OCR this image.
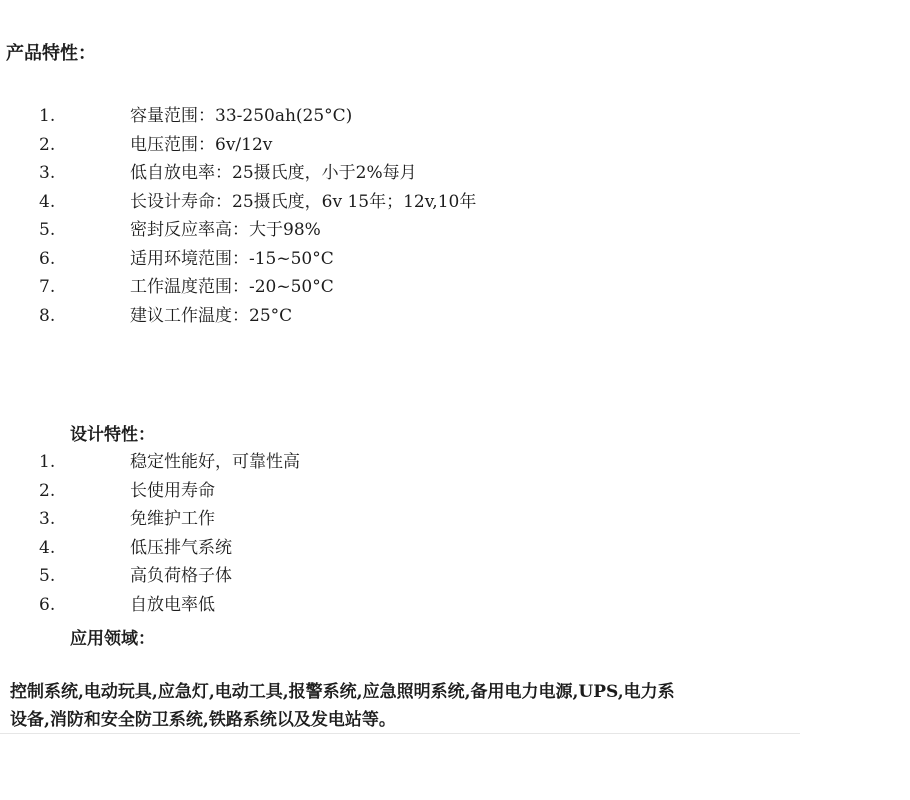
产品特性：
1.	容量范围：33-250ah(25°C)
2.	电压范围：6v/12v
3.	低自放电率：25摄氏度，小于2%每月
4.	长设计寿命：25摄氏度，6v 15年；12v,10年
5.	密封反应率高：大于98%
6.	适用环境范围：-15~50°C
7.	工作温度范围：-20~50°C
8.	建议工作温度：25°C
设计特性：
1.	稳定性能好，可靠性高
2.	长使用寿命
3.	免维护工作
4.	低压排气系统
5.	高负荷格子体
6.	自放电率低
应用领域：
控制系统,电动玩具,应急灯,电动工具,报警系统,应急照明系统,备用电力电源,UPS,电力系
设备,消防和安全防卫系统,铁路系统以及发电站等。
